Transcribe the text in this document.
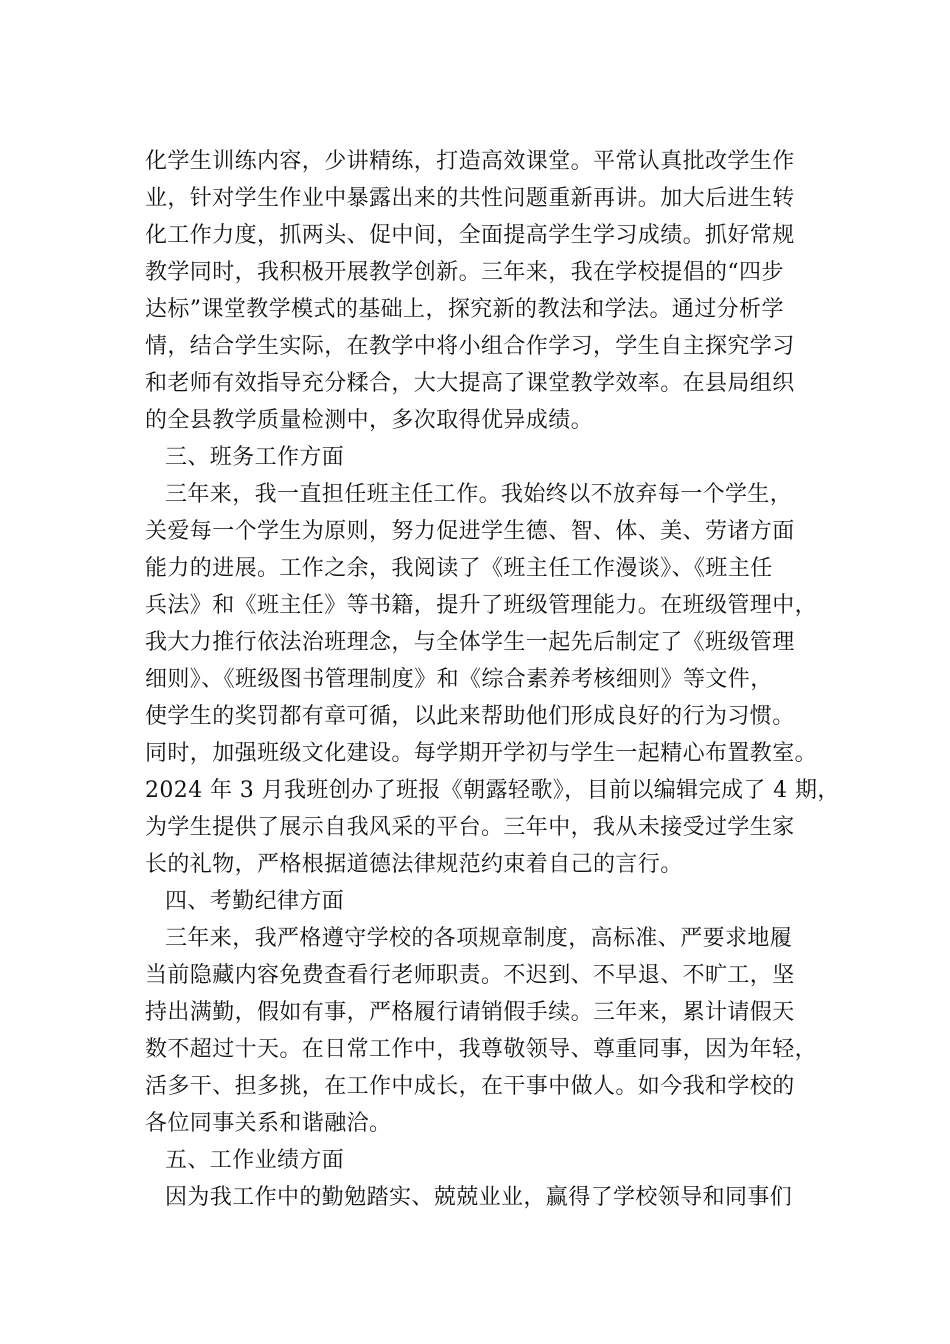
化学生训练内容，少讲精练，打造高效课堂。平常认真批改学生作
业，针对学生作业中暴露出来的共性问题重新再讲。加大后进生转
化工作力度，抓两头、促中间，全面提高学生学习成绩。抓好常规
教学同时，我积极开展教学创新。三年来，我在学校提倡的“四步
达标”课堂教学模式的基础上，探究新的教法和学法。通过分析学
情，结合学生实际，在教学中将小组合作学习，学生自主探究学习
和老师有效指导充分糅合，大大提高了课堂教学效率。在县局组织
的全县教学质量检测中，多次取得优异成绩。
三、班务工作方面
三年来，我一直担任班主任工作。我始终以不放弃每一个学生，
关爱每一个学生为原则，努力促进学生德、智、体、美、劳诸方面
能力的进展。工作之余，我阅读了《班主任工作漫谈》、《班主任
兵法》和《班主任》等书籍，提升了班级管理能力。在班级管理中，
我大力推行依法治班理念，与全体学生一起先后制定了《班级管理
细则》、《班级图书管理制度》和《综合素养考核细则》等文件，
使学生的奖罚都有章可循，以此来帮助他们形成良好的行为习惯。
同时，加强班级文化建设。每学期开学初与学生一起精心布置教室。
2024 年 3 月我班创办了班报《朝露轻歌》，目前以编辑完成了 4 期，
为学生提供了展示自我风采的平台。三年中，我从未接受过学生家
长的礼物，严格根据道德法律规范约束着自己的言行。
四、考勤纪律方面
三年来，我严格遵守学校的各项规章制度，高标准、严要求地履
当前隐藏内容免费查看行老师职责。不迟到、不早退、不旷工，坚
持出满勤，假如有事，严格履行请销假手续。三年来，累计请假天
数不超过十天。在日常工作中，我尊敬领导、尊重同事，因为年轻，
活多干、担多挑，在工作中成长，在干事中做人。如今我和学校的
各位同事关系和谐融洽。
五、工作业绩方面
因为我工作中的勤勉踏实、兢兢业业，赢得了学校领导和同事们
